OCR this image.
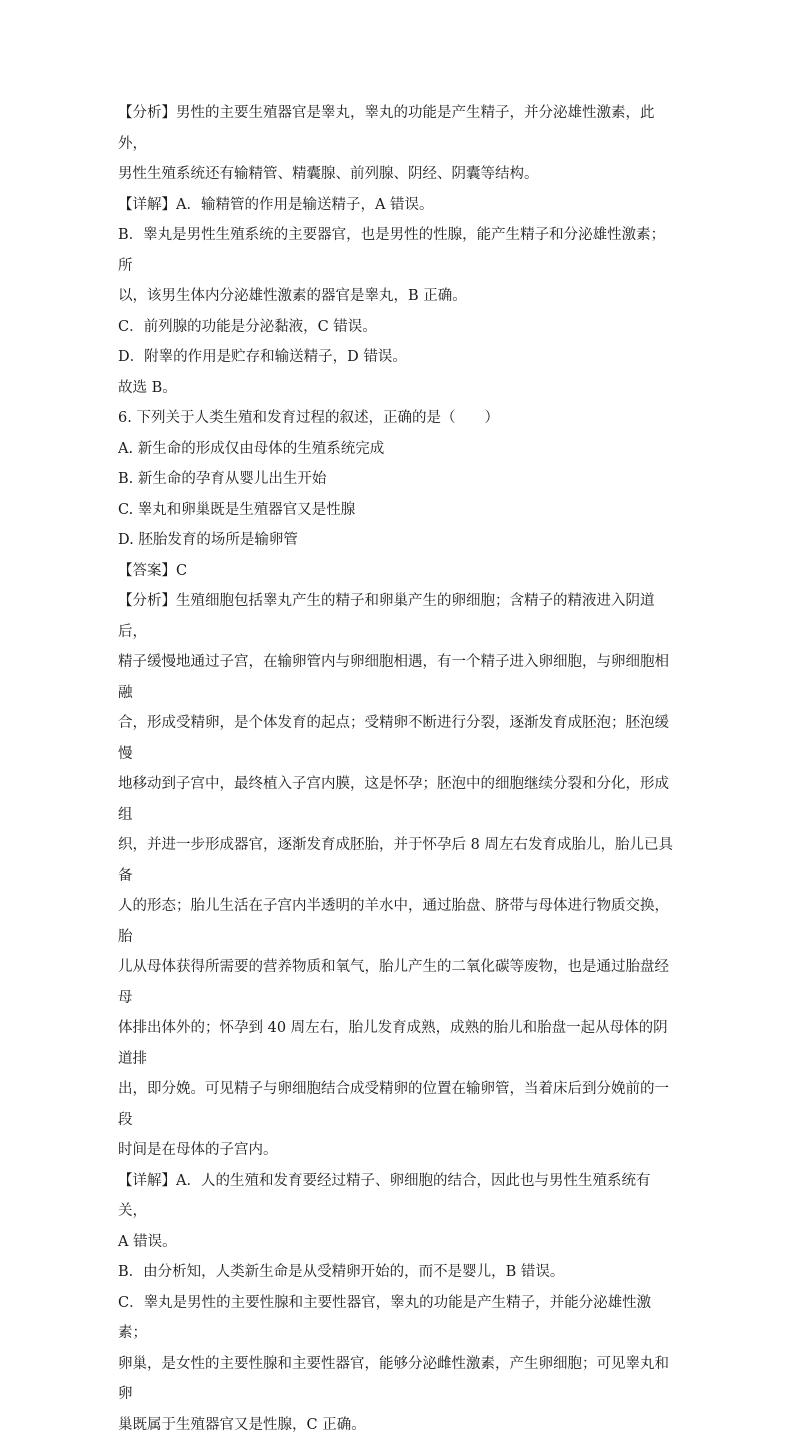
【分析】男性的主要生殖器官是睾丸，睾丸的功能是产生精子，并分泌雄性激素，此外，

男性生殖系统还有输精管、精囊腺、前列腺、阴经、阴囊等结构。

【详解】A．输精管的作用是输送精子，A 错误。

B．睾丸是男性生殖系统的主要器官，也是男性的性腺，能产生精子和分泌雄性激素；所

以，该男生体内分泌雄性激素的器官是睾丸，B 正确。

C．前列腺的功能是分泌黏液，C 错误。

D．附睾的作用是贮存和输送精子，D 错误。

故选 B。

6. 下列关于人类生殖和发育过程的叙述，正确的是（　　）

A. 新生命的形成仅由母体的生殖系统完成

B. 新生命的孕育从婴儿出生开始

C. 睾丸和卵巢既是生殖器官又是性腺

D. 胚胎发育的场所是输卵管

【答案】C

【分析】生殖细胞包括睾丸产生的精子和卵巢产生的卵细胞；含精子的精液进入阴道后，

精子缓慢地通过子宫，在输卵管内与卵细胞相遇，有一个精子进入卵细胞，与卵细胞相融

合，形成受精卵，是个体发育的起点；受精卵不断进行分裂，逐渐发育成胚泡；胚泡缓慢

地移动到子宫中，最终植入子宫内膜，这是怀孕；胚泡中的细胞继续分裂和分化，形成组

织，并进一步形成器官，逐渐发育成胚胎，并于怀孕后 8 周左右发育成胎儿，胎儿已具备

人的形态；胎儿生活在子宫内半透明的羊水中，通过胎盘、脐带与母体进行物质交换，胎

儿从母体获得所需要的营养物质和氧气，胎儿产生的二氧化碳等废物，也是通过胎盘经母

体排出体外的；怀孕到 40 周左右，胎儿发育成熟，成熟的胎儿和胎盘一起从母体的阴道排

出，即分娩。可见精子与卵细胞结合成受精卵的位置在输卵管，当着床后到分娩前的一段

时间是在母体的子宫内。

【详解】A．人的生殖和发育要经过精子、卵细胞的结合，因此也与男性生殖系统有关，

A 错误。

B．由分析知，人类新生命是从受精卵开始的，而不是婴儿，B 错误。

C．睾丸是男性的主要性腺和主要性器官，睾丸的功能是产生精子，并能分泌雄性激素；

卵巢，是女性的主要性腺和主要性器官，能够分泌雌性激素，产生卵细胞；可见睾丸和卵

巢既属于生殖器官又是性腺，C 正确。
